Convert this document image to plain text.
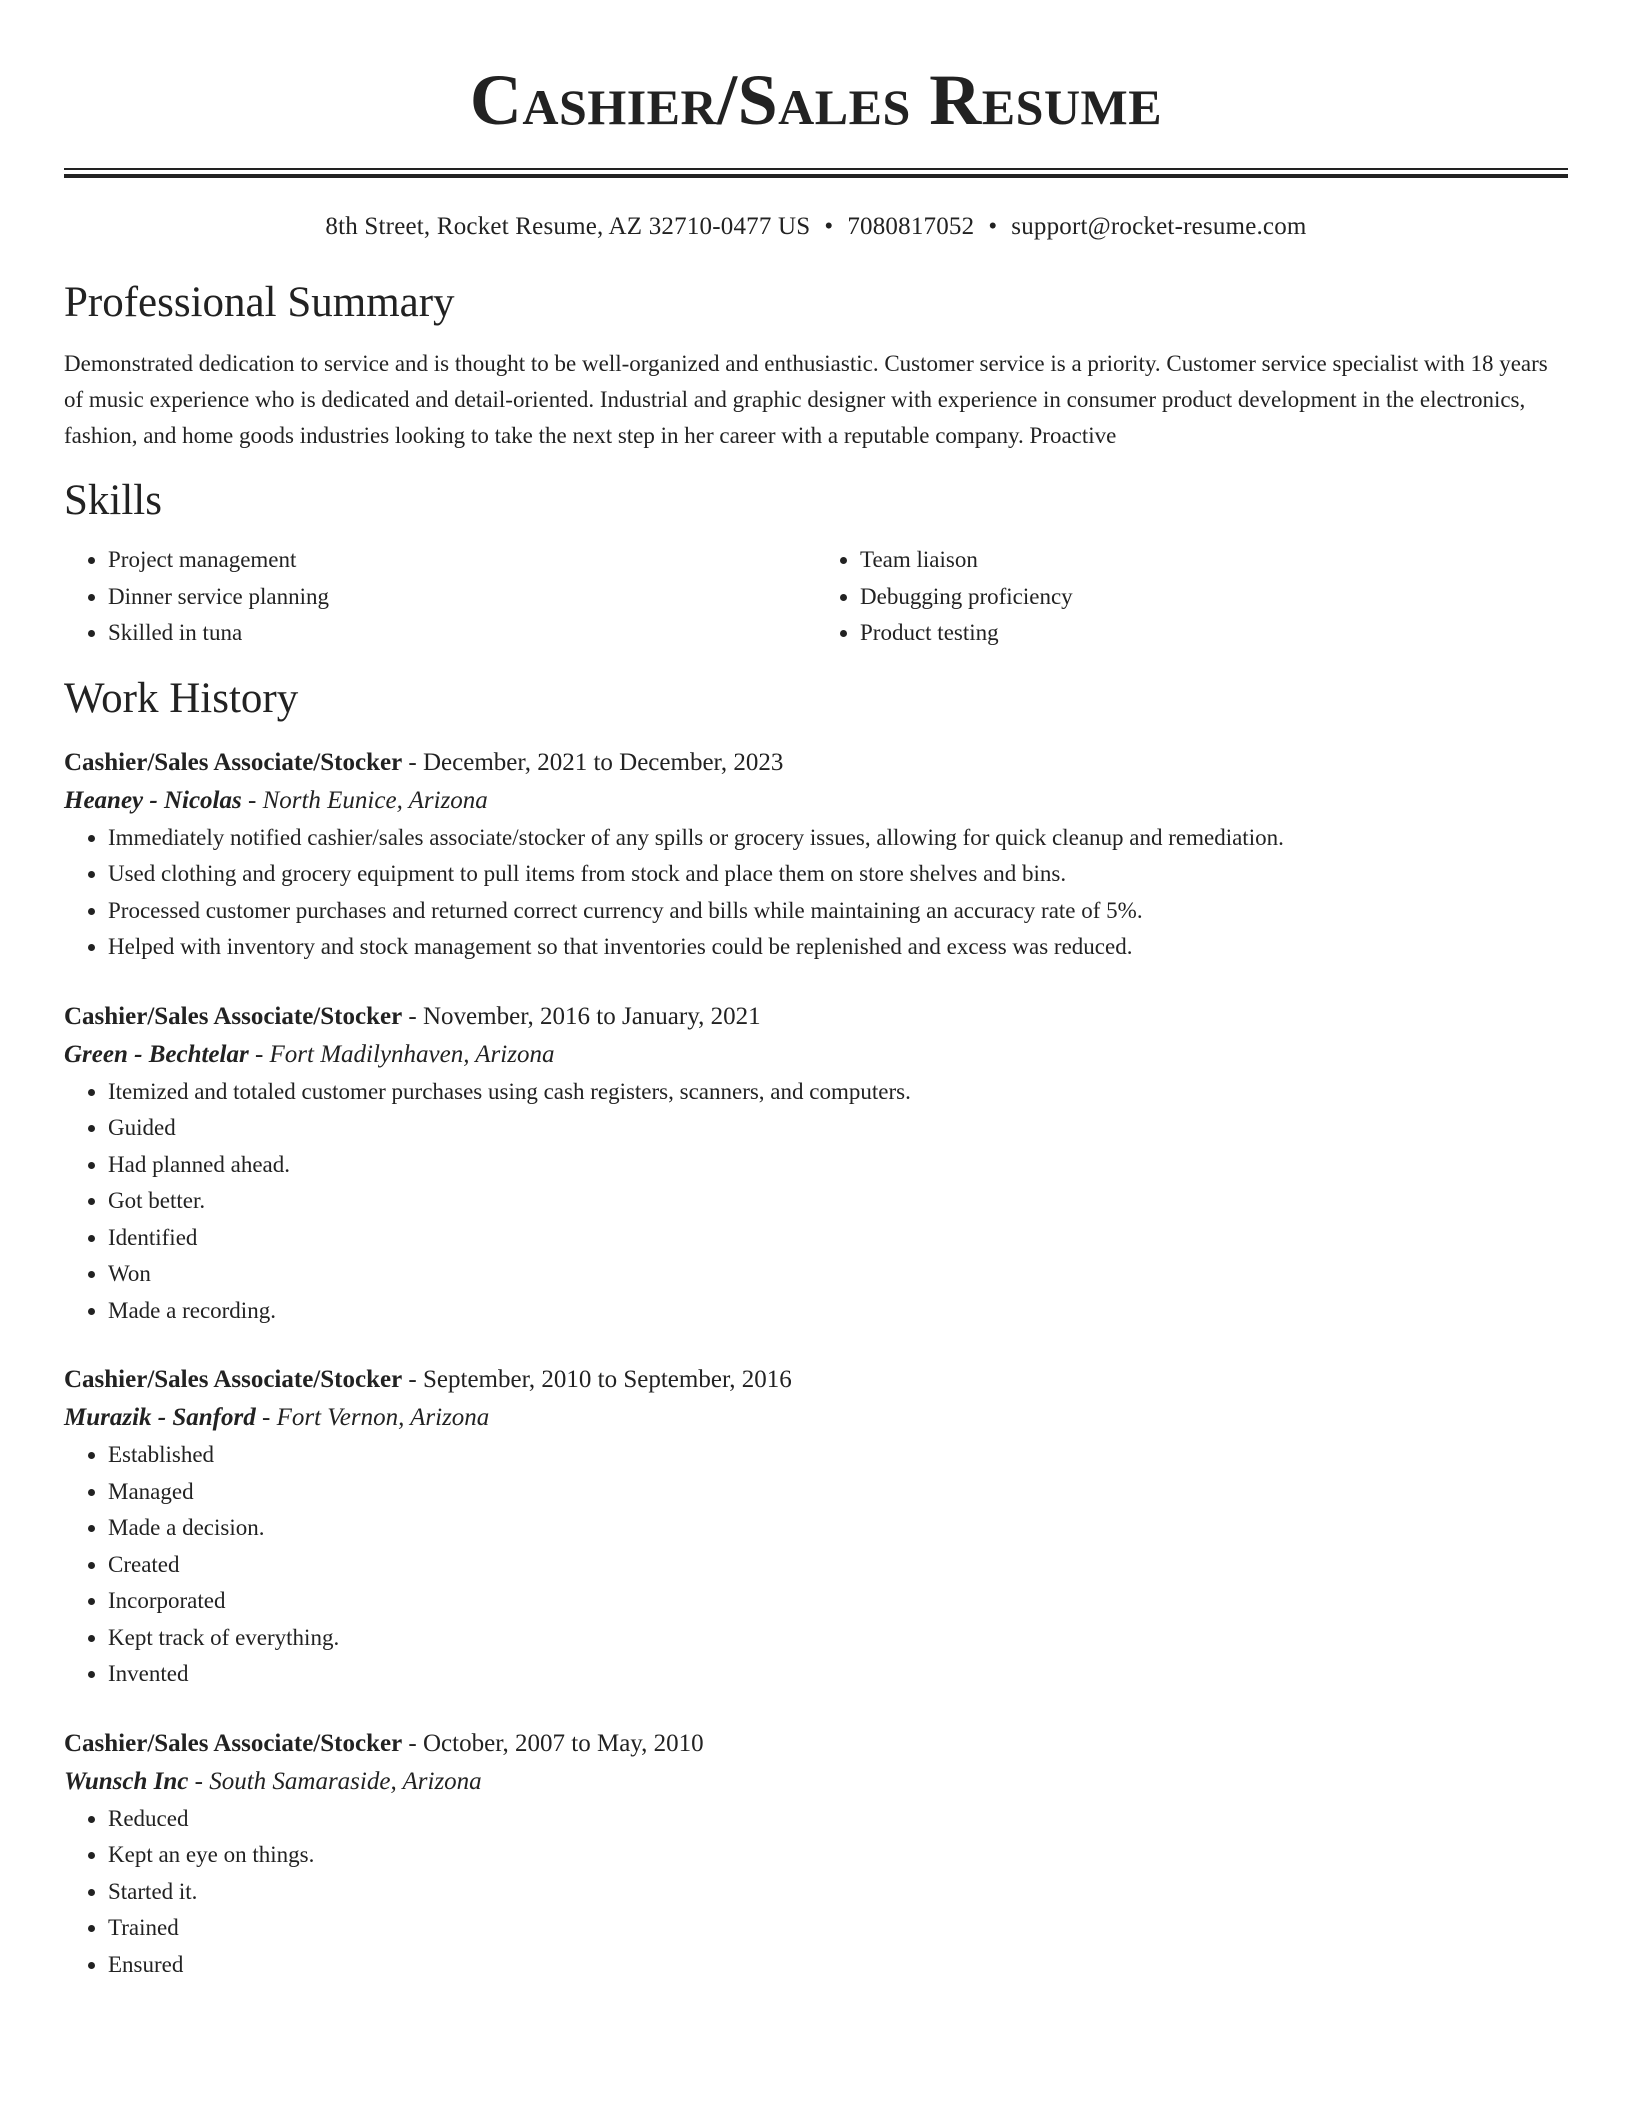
Cashier/Sales Resume
8th Street, Rocket Resume, AZ 32710-0477 US • 7080817052 • support@rocket-resume.com
Professional Summary

Demonstrated dedication to service and is thought to be well-organized and enthusiastic. Customer service is a priority. Customer service specialist with 18 years of music experience who is dedicated and detail-oriented. Industrial and graphic designer with experience in consumer product development in the electronics, fashion, and home goods industries looking to take the next step in her career with a reputable company. Proactive

Skills
• Project management
• Dinner service planning
• Skilled in tuna
• Team liaison
• Debugging proficiency
• Product testing
Work History
Cashier/Sales Associate/Stocker - December, 2021 to December, 2023
Heaney - Nicolas - North Eunice, Arizona
• Immediately notified cashier/sales associate/stocker of any spills or grocery issues, allowing for quick cleanup and remediation.
• Used clothing and grocery equipment to pull items from stock and place them on store shelves and bins.
• Processed customer purchases and returned correct currency and bills while maintaining an accuracy rate of 5%.
• Helped with inventory and stock management so that inventories could be replenished and excess was reduced.
Cashier/Sales Associate/Stocker - November, 2016 to January, 2021
Green - Bechtelar - Fort Madilynhaven, Arizona
• Itemized and totaled customer purchases using cash registers, scanners, and computers.
• Guided
• Had planned ahead.
• Got better.
• Identified
• Won
• Made a recording.
Cashier/Sales Associate/Stocker - September, 2010 to September, 2016
Murazik - Sanford - Fort Vernon, Arizona
• Established
• Managed
• Made a decision.
• Created
• Incorporated
• Kept track of everything.
• Invented
Cashier/Sales Associate/Stocker - October, 2007 to May, 2010
Wunsch Inc - South Samaraside, Arizona
• Reduced
• Kept an eye on things.
• Started it.
• Trained
• Ensured
